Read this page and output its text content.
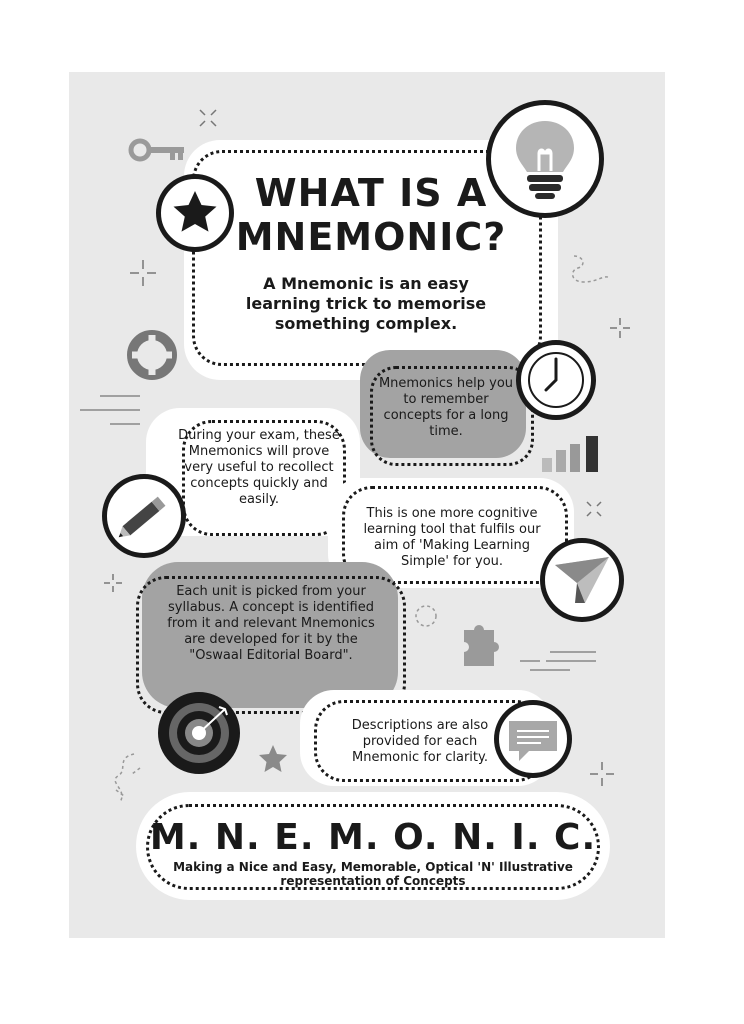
WHAT IS A
MNEMONIC?
A Mnemonic is an easy learning trick to memorise something complex.
Mnemonics help you to remember concepts for a long time.
During your exam, these Mnemonics will prove very useful to recollect concepts quickly and easily.
This is one more cognitive learning tool that fulfils our aim of 'Making Learning Simple' for you.
Each unit is picked from your syllabus. A concept is identified from it and relevant Mnemonics are developed for it by the "Oswaal Editorial Board".
Descriptions are also provided for each Mnemonic for clarity.
M. N. E. M. O. N. I. C.
Making a Nice and Easy, Memorable, Optical 'N' Illustrative
representation of Concepts
